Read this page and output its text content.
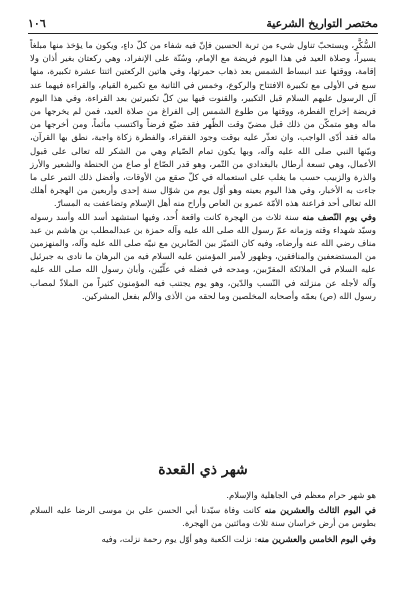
مختصر التواريخ الشرعية
١٠٦

السُّكَّرِ، ويستحبّ تناول شيء من تربة الحسين فإنّ فيه شفاء من كلّ داءٍ، ويكون ما يؤخذ منها مبلغاً يسيراً، وصلاة العيد في هذا اليوم فريضة مع الإمام، وسُنّة على الإنفراد، وهي ركعتان بغير أذان ولا إقامة، ووقتها عند انبساط الشمس بعد ذهاب حمرتها، وفي هاتين الركعتين اثنتا عشرة تكبيرة، منها سبع في الأولى مع تكبيرة الافتتاح والركوع، وخمس في الثانية مع تكبيرة القيام، والقراءة فيهما عند آل الرسول عليهم السلام قبل التكبير، والقنوت فيها بين كلّ تكبيرتين بعد القراءة، وفي هذا اليوم فريضة إخراج الفطرة، ووقتها من طلوع الشمس إلى الفراغ من صلاة العيد، فمن لم يخرجها من ماله وهو متمكّن من ذلك قبل مضيّ وقت الظّهر فقد ضيّع فرضاً واكتسب مأثماً، ومن أخرجها من ماله فقد أدّى الواجب، وان تعذّر عليه بوقت وجود الفقراء، والفطرة زكاة واجبة، نطق بها القرآن، وبيّنها النبي صلى الله عليه وآله، وبها يكون تمام الصّيام وهي من الشكر لله تعالى على قبول الأعمال، وهي تسعة أرطال بالبغدادي من التّمر، وهو قدر الصّاع أو صاع من الحنطة والشعير والأرز والذرة والزبيب حسب ما يغلب على استعماله في كلّ صقع من الأوقات، وأفضل ذلك التمر على ما جاءت به الأخبار، وفي هذا اليوم بعينه وهو أوّل يوم من شوّال سنة إحدى وأربعين من الهجرة أهلك الله تعالى أحد فراعنة هذه الأمّة عمرو بن العاص وأراح منه أهل الإسلام وتضاعفت به المسارّ.

وفي يوم النّصف منه سنة ثلاث من الهجرة كانت واقعة أُحد، وفيها استشهد أسد الله وأسد رسوله وسيّد شهداء وقته وزمانه عمّ رسول الله صلى الله عليه وآله حمزة بن عبدالمطلب بن هاشم بن عبد مناف رضي الله عنه وأرضاه، وفيه كان التميّز بين الصّابرين مع نبيّه صلى الله عليه وآله، والمنهزمين من المستضعفين والمنافقين، وظهور لأمير المؤمنين عليه السلام فيه من البرهان ما نادى به جبرئيل عليه السلام في الملائكة المقرّبين، ومدحه في فضله في علّيّين، وأبان رسول الله صلى الله عليه وآله لأجله عن منزلته في النّسب والدّين، وهو يوم يجتنب فيه المؤمنون كثيراً من الملاذّ لمصاب رسول الله (ص) بعمّه وأصحابه المخلصين وما لحقه من الأذى والألم بفعل المشركين.

شهر ذي القعدة

هو شهر حرام معظم في الجاهلية والإسلام.

في اليوم الثالث والعشرين منه كانت وفاة سيّدنا أبي الحسن علي بن موسى الرضا عليه السلام بطوس من أرض خراسان سنة ثلاث ومائتين من الهجرة.

وفي اليوم الخامس والعشرين منه: نزلت الكعبة وهو أوّل يوم رحمة نزلت، وفيه
